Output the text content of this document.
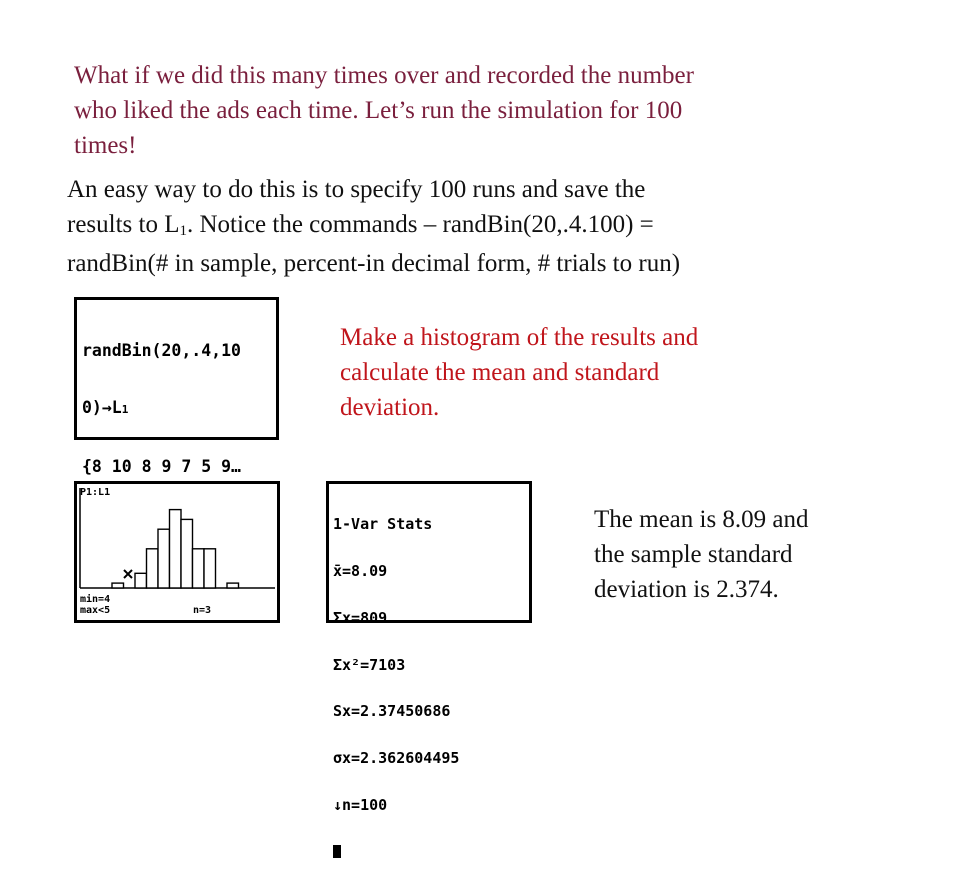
What if we did this many times over and recorded the number
who liked the ads each time. Let’s run the simulation for 100
times!
An easy way to do this is to specify 100 runs and save the
results to L1. Notice the commands – randBin(20,.4.100) =
randBin(# in sample, percent-in decimal form, # trials to run)

randBin(20,.4,10

0)→L1

{8 10 8 9 7 5 9…

Make a histogram of the results and
calculate the mean and standard
deviation.
P1:L1
min=4
max<5	n=3

1-Var Stats

x̄=8.09

Σx=809

Σx²=7103

Sx=2.37450686

σx=2.362604495

↓n=100

The mean is 8.09 and
the sample standard
deviation is 2.374.
